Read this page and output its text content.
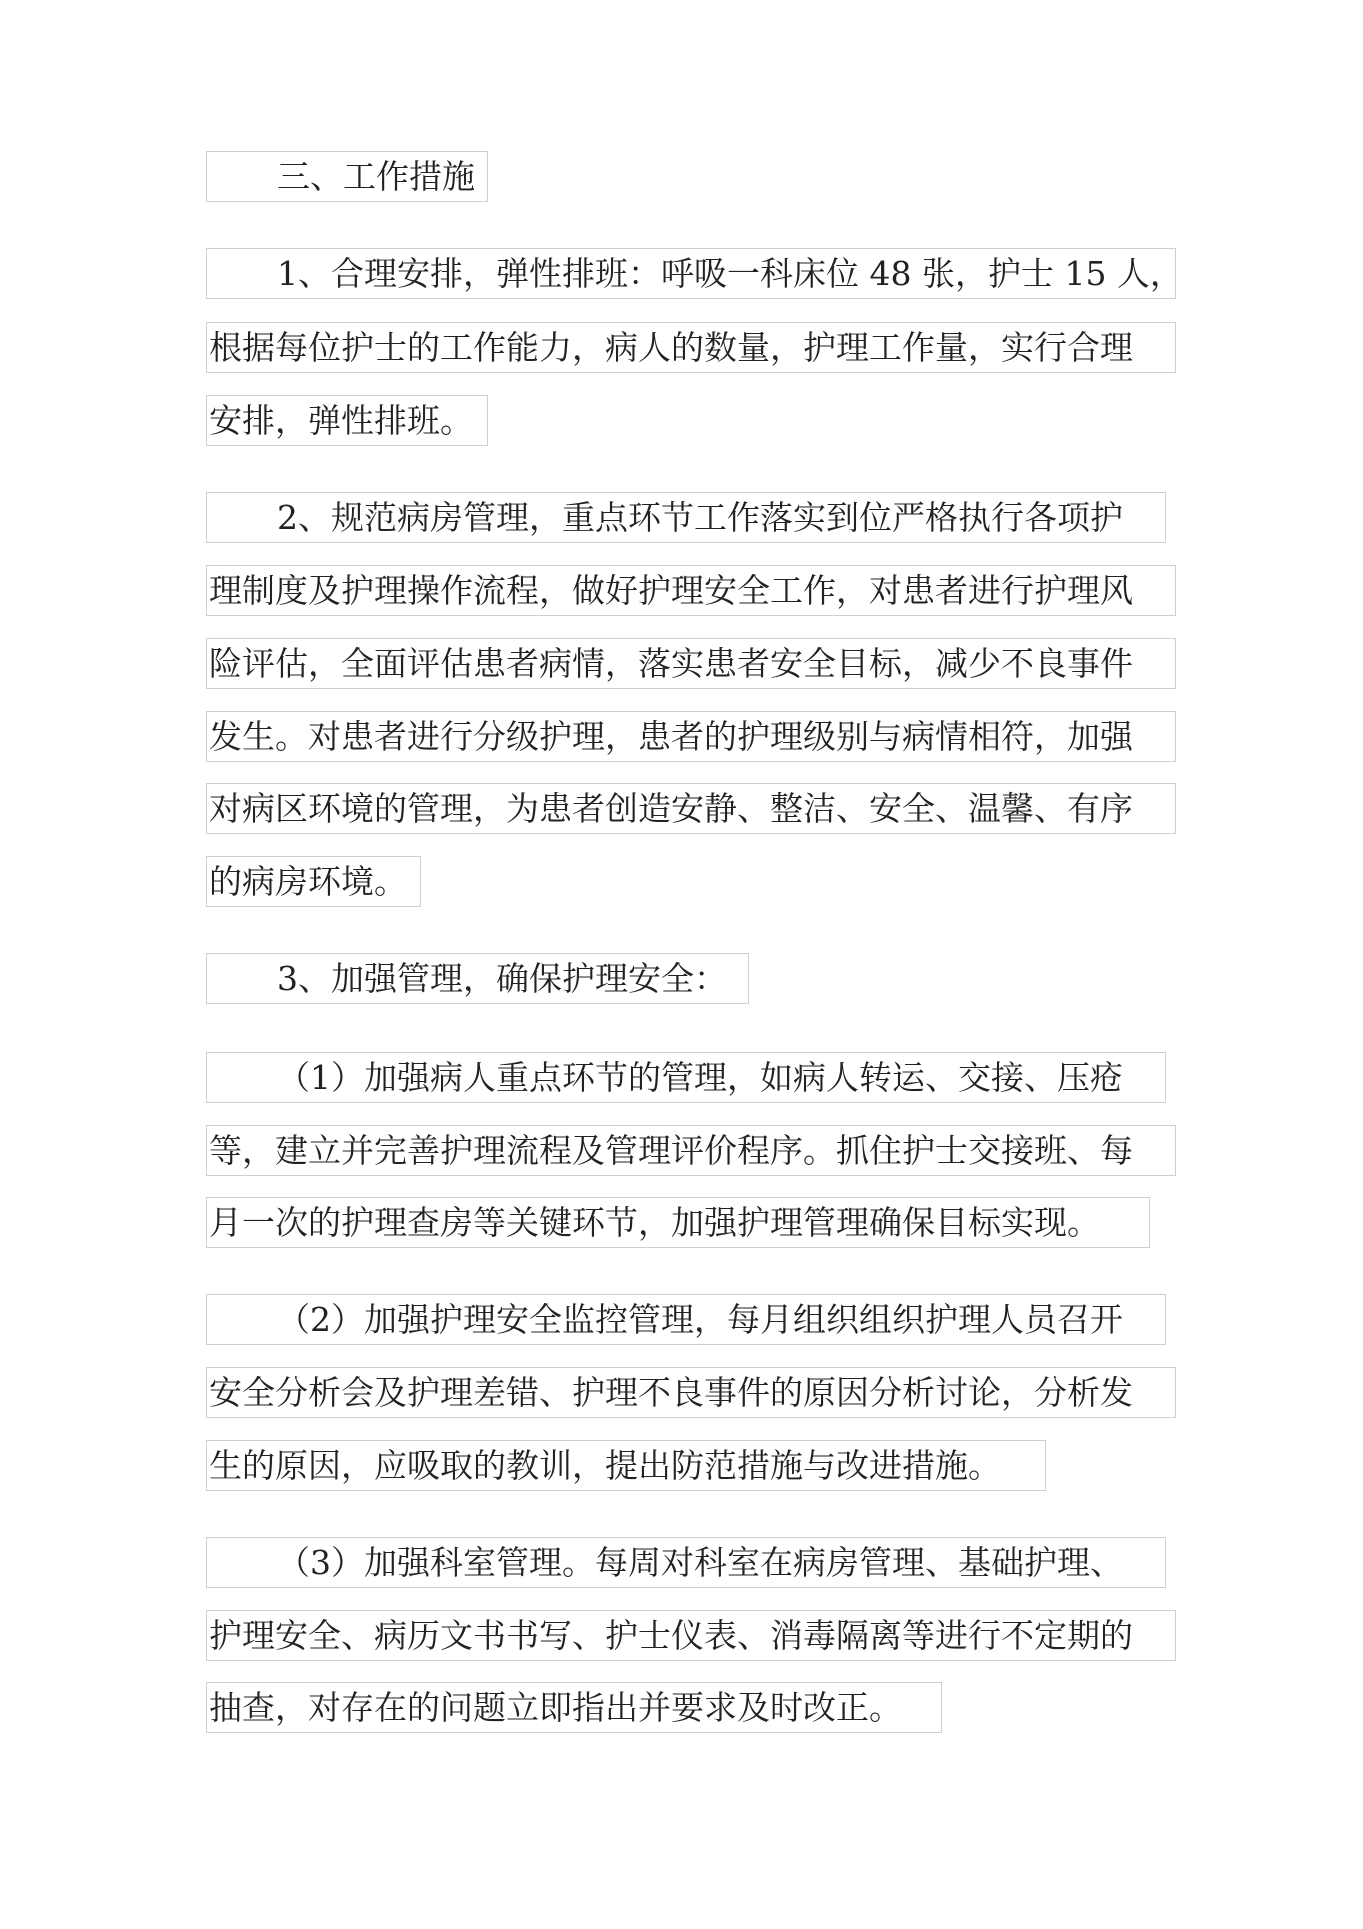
三、工作措施
1、合理安排，弹性排班：呼吸一科床位 48 张，护士 15 人，
根据每位护士的工作能力，病人的数量，护理工作量，实行合理
安排，弹性排班。
2、规范病房管理，重点环节工作落实到位严格执行各项护
理制度及护理操作流程，做好护理安全工作，对患者进行护理风
险评估，全面评估患者病情，落实患者安全目标，减少不良事件
发生。对患者进行分级护理，患者的护理级别与病情相符，加强
对病区环境的管理，为患者创造安静、整洁、安全、温馨、有序
的病房环境。
3、加强管理，确保护理安全：
（1）加强病人重点环节的管理，如病人转运、交接、压疮
等，建立并完善护理流程及管理评价程序。抓住护士交接班、每
月一次的护理查房等关键环节，加强护理管理确保目标实现。
（2）加强护理安全监控管理，每月组织组织护理人员召开
安全分析会及护理差错、护理不良事件的原因分析讨论，分析发
生的原因，应吸取的教训，提出防范措施与改进措施。
（3）加强科室管理。每周对科室在病房管理、基础护理、
护理安全、病历文书书写、护士仪表、消毒隔离等进行不定期的
抽查，对存在的问题立即指出并要求及时改正。
